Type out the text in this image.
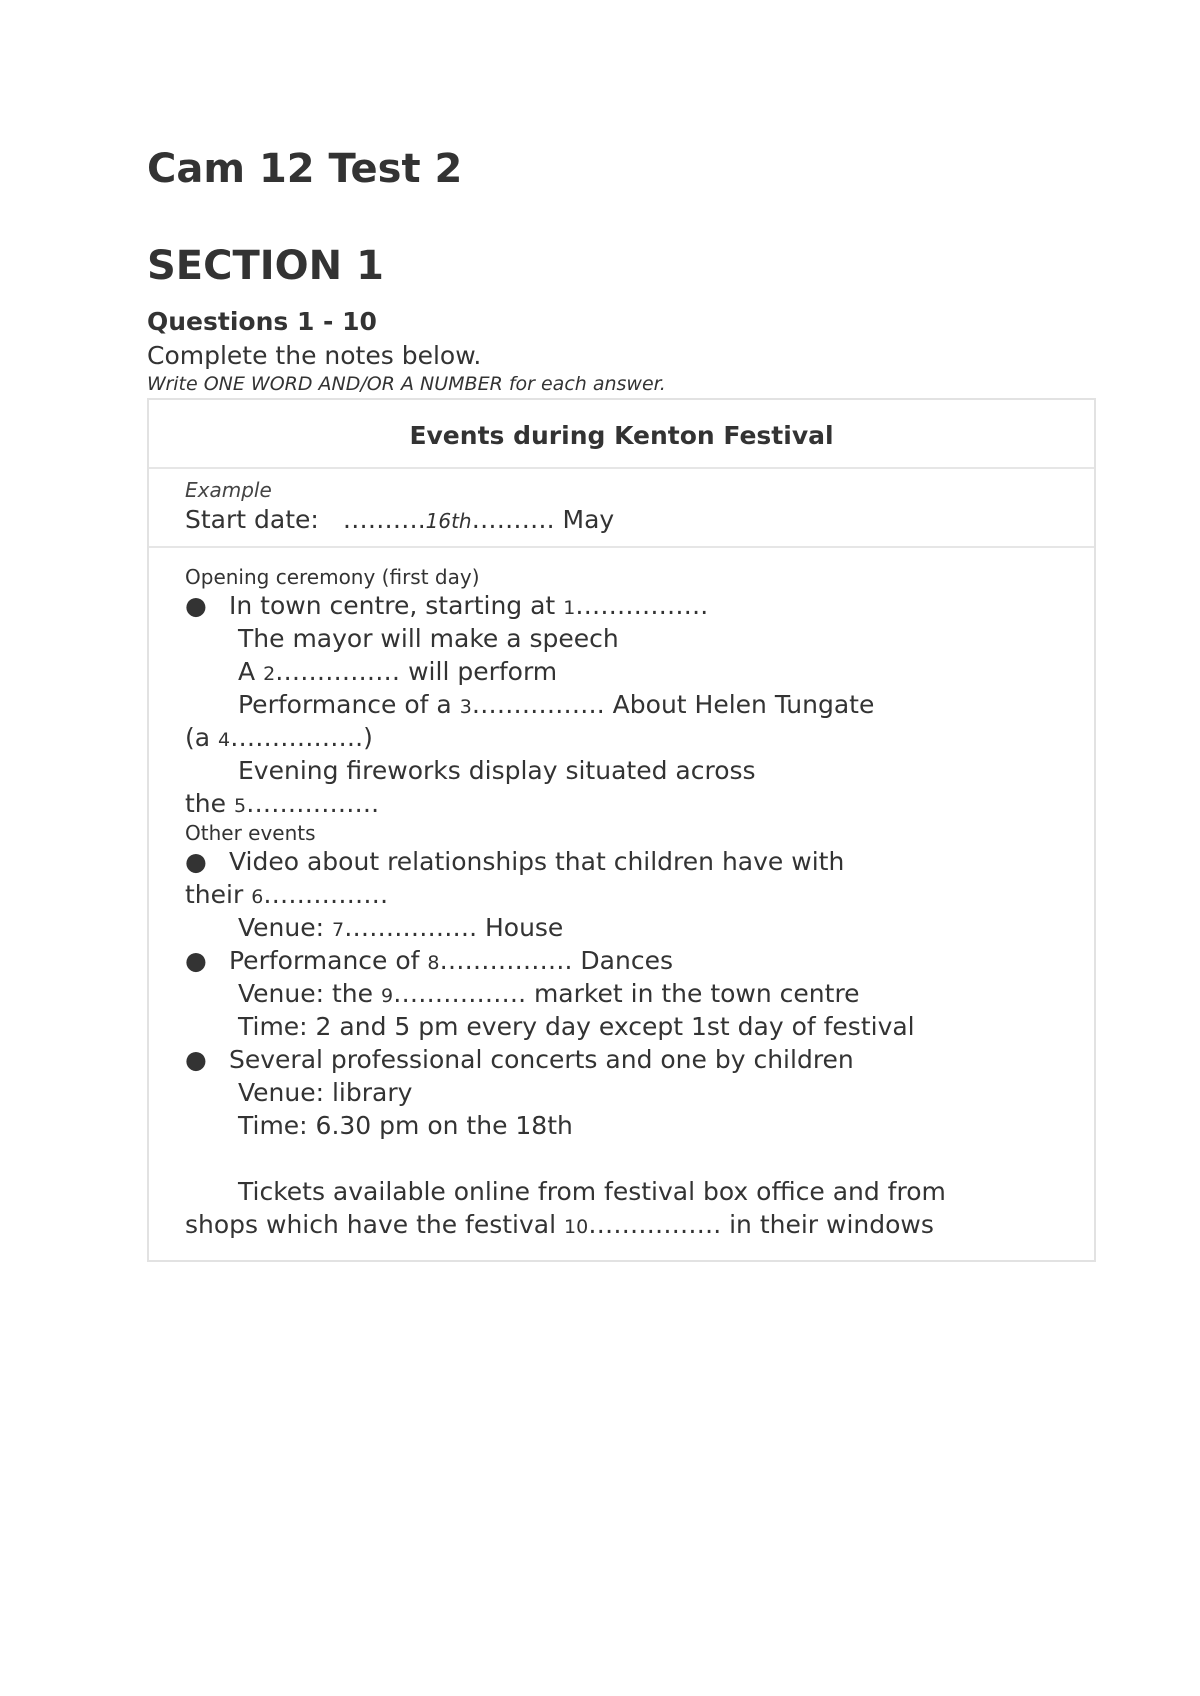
Cam 12 Test 2
SECTION 1
Questions 1 - 10
Complete the notes below.
Write ONE WORD AND/OR A NUMBER for each answer.
Events during Kenton Festival
Example
Start date: ……….16th………. May
Opening ceremony (first day)
● In town centre, starting at 1…………….
The mayor will make a speech
A 2…………… will perform
Performance of a 3……………. About Helen Tungate
(a 4…………….)
Evening fireworks display situated across
the 5…………….
Other events
● Video about relationships that children have with
their 6……………
Venue: 7……………. House
● Performance of 8……………. Dances
Venue: the 9……………. market in the town centre
Time: 2 and 5 pm every day except 1st day of festival
● Several professional concerts and one by children
Venue: library
Time: 6.30 pm on the 18th
Tickets available online from festival box office and from
shops which have the festival 10……………. in their windows
